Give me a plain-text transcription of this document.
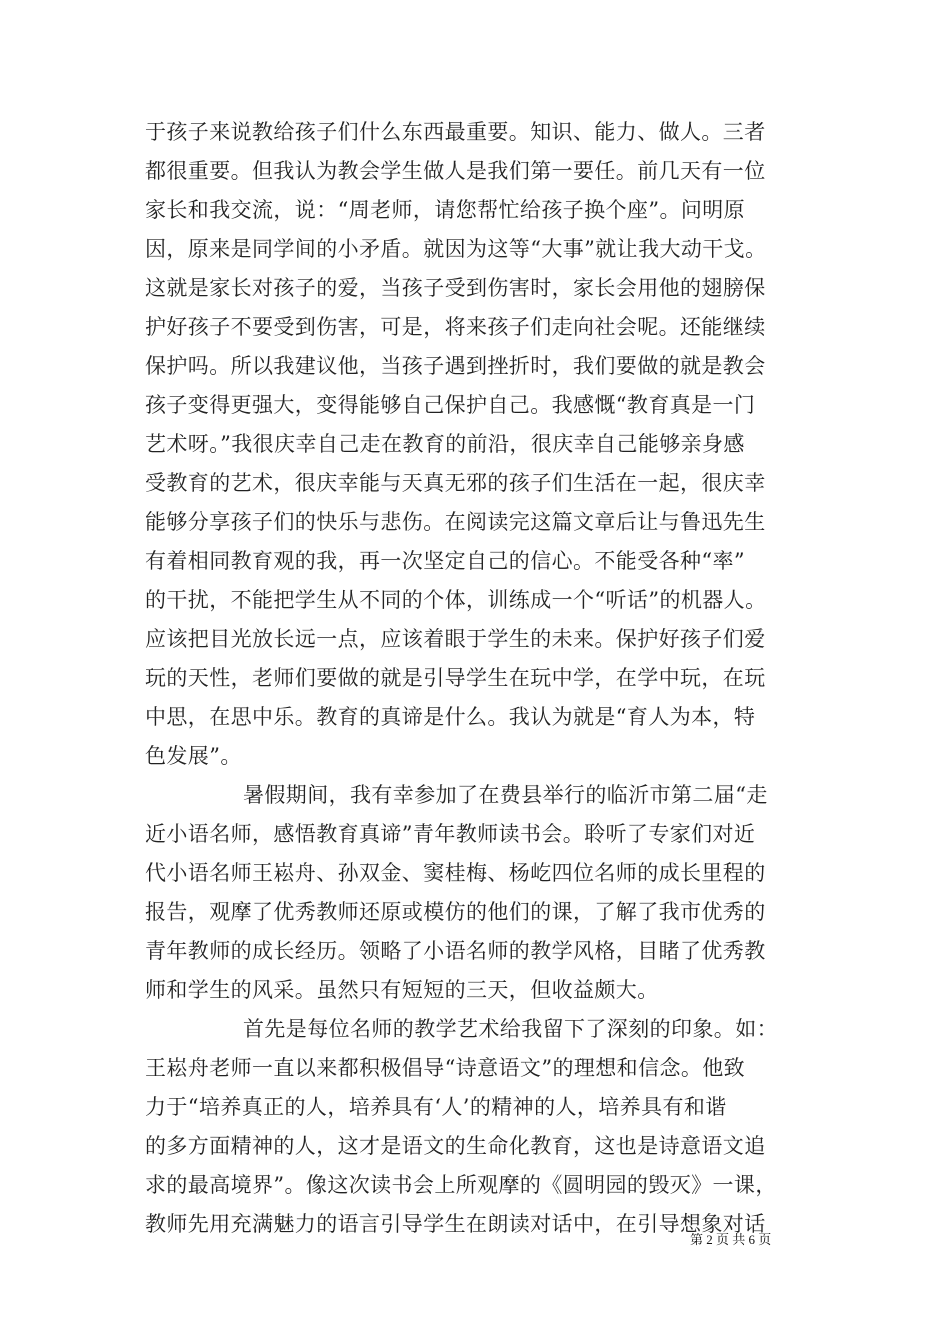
于孩子来说教给孩子们什么东西最重要。知识、能力、做人。三者
都很重要。但我认为教会学生做人是我们第一要任。前几天有一位
家长和我交流，说：“周老师，请您帮忙给孩子换个座”。问明原
因，原来是同学间的小矛盾。就因为这等“大事”就让我大动干戈。
这就是家长对孩子的爱，当孩子受到伤害时，家长会用他的翅膀保
护好孩子不要受到伤害，可是，将来孩子们走向社会呢。还能继续
保护吗。所以我建议他，当孩子遇到挫折时，我们要做的就是教会
孩子变得更强大，变得能够自己保护自己。我感慨“教育真是一门
艺术呀。”我很庆幸自己走在教育的前沿，很庆幸自己能够亲身感
受教育的艺术，很庆幸能与天真无邪的孩子们生活在一起，很庆幸
能够分享孩子们的快乐与悲伤。在阅读完这篇文章后让与鲁迅先生
有着相同教育观的我，再一次坚定自己的信心。不能受各种“率”
的干扰，不能把学生从不同的个体，训练成一个“听话”的机器人。
应该把目光放长远一点，应该着眼于学生的未来。保护好孩子们爱
玩的天性，老师们要做的就是引导学生在玩中学，在学中玩，在玩
中思，在思中乐。教育的真谛是什么。我认为就是“育人为本，特
色发展”。
暑假期间，我有幸参加了在费县举行的临沂市第二届“走
近小语名师，感悟教育真谛”青年教师读书会。聆听了专家们对近
代小语名师王崧舟、孙双金、窦桂梅、杨屹四位名师的成长里程的
报告，观摩了优秀教师还原或模仿的他们的课，了解了我市优秀的
青年教师的成长经历。领略了小语名师的教学风格，目睹了优秀教
师和学生的风采。虽然只有短短的三天，但收益颇大。
首先是每位名师的教学艺术给我留下了深刻的印象。如：
王崧舟老师一直以来都积极倡导“诗意语文”的理想和信念。他致
力于“培养真正的人，培养具有‘人’的精神的人，培养具有和谐
的多方面精神的人，这才是语文的生命化教育，这也是诗意语文追
求的最高境界”。像这次读书会上所观摩的《圆明园的毁灭》一课，
教师先用充满魅力的语言引导学生在朗读对话中，在引导想象对话
第 2 页 共 6 页
